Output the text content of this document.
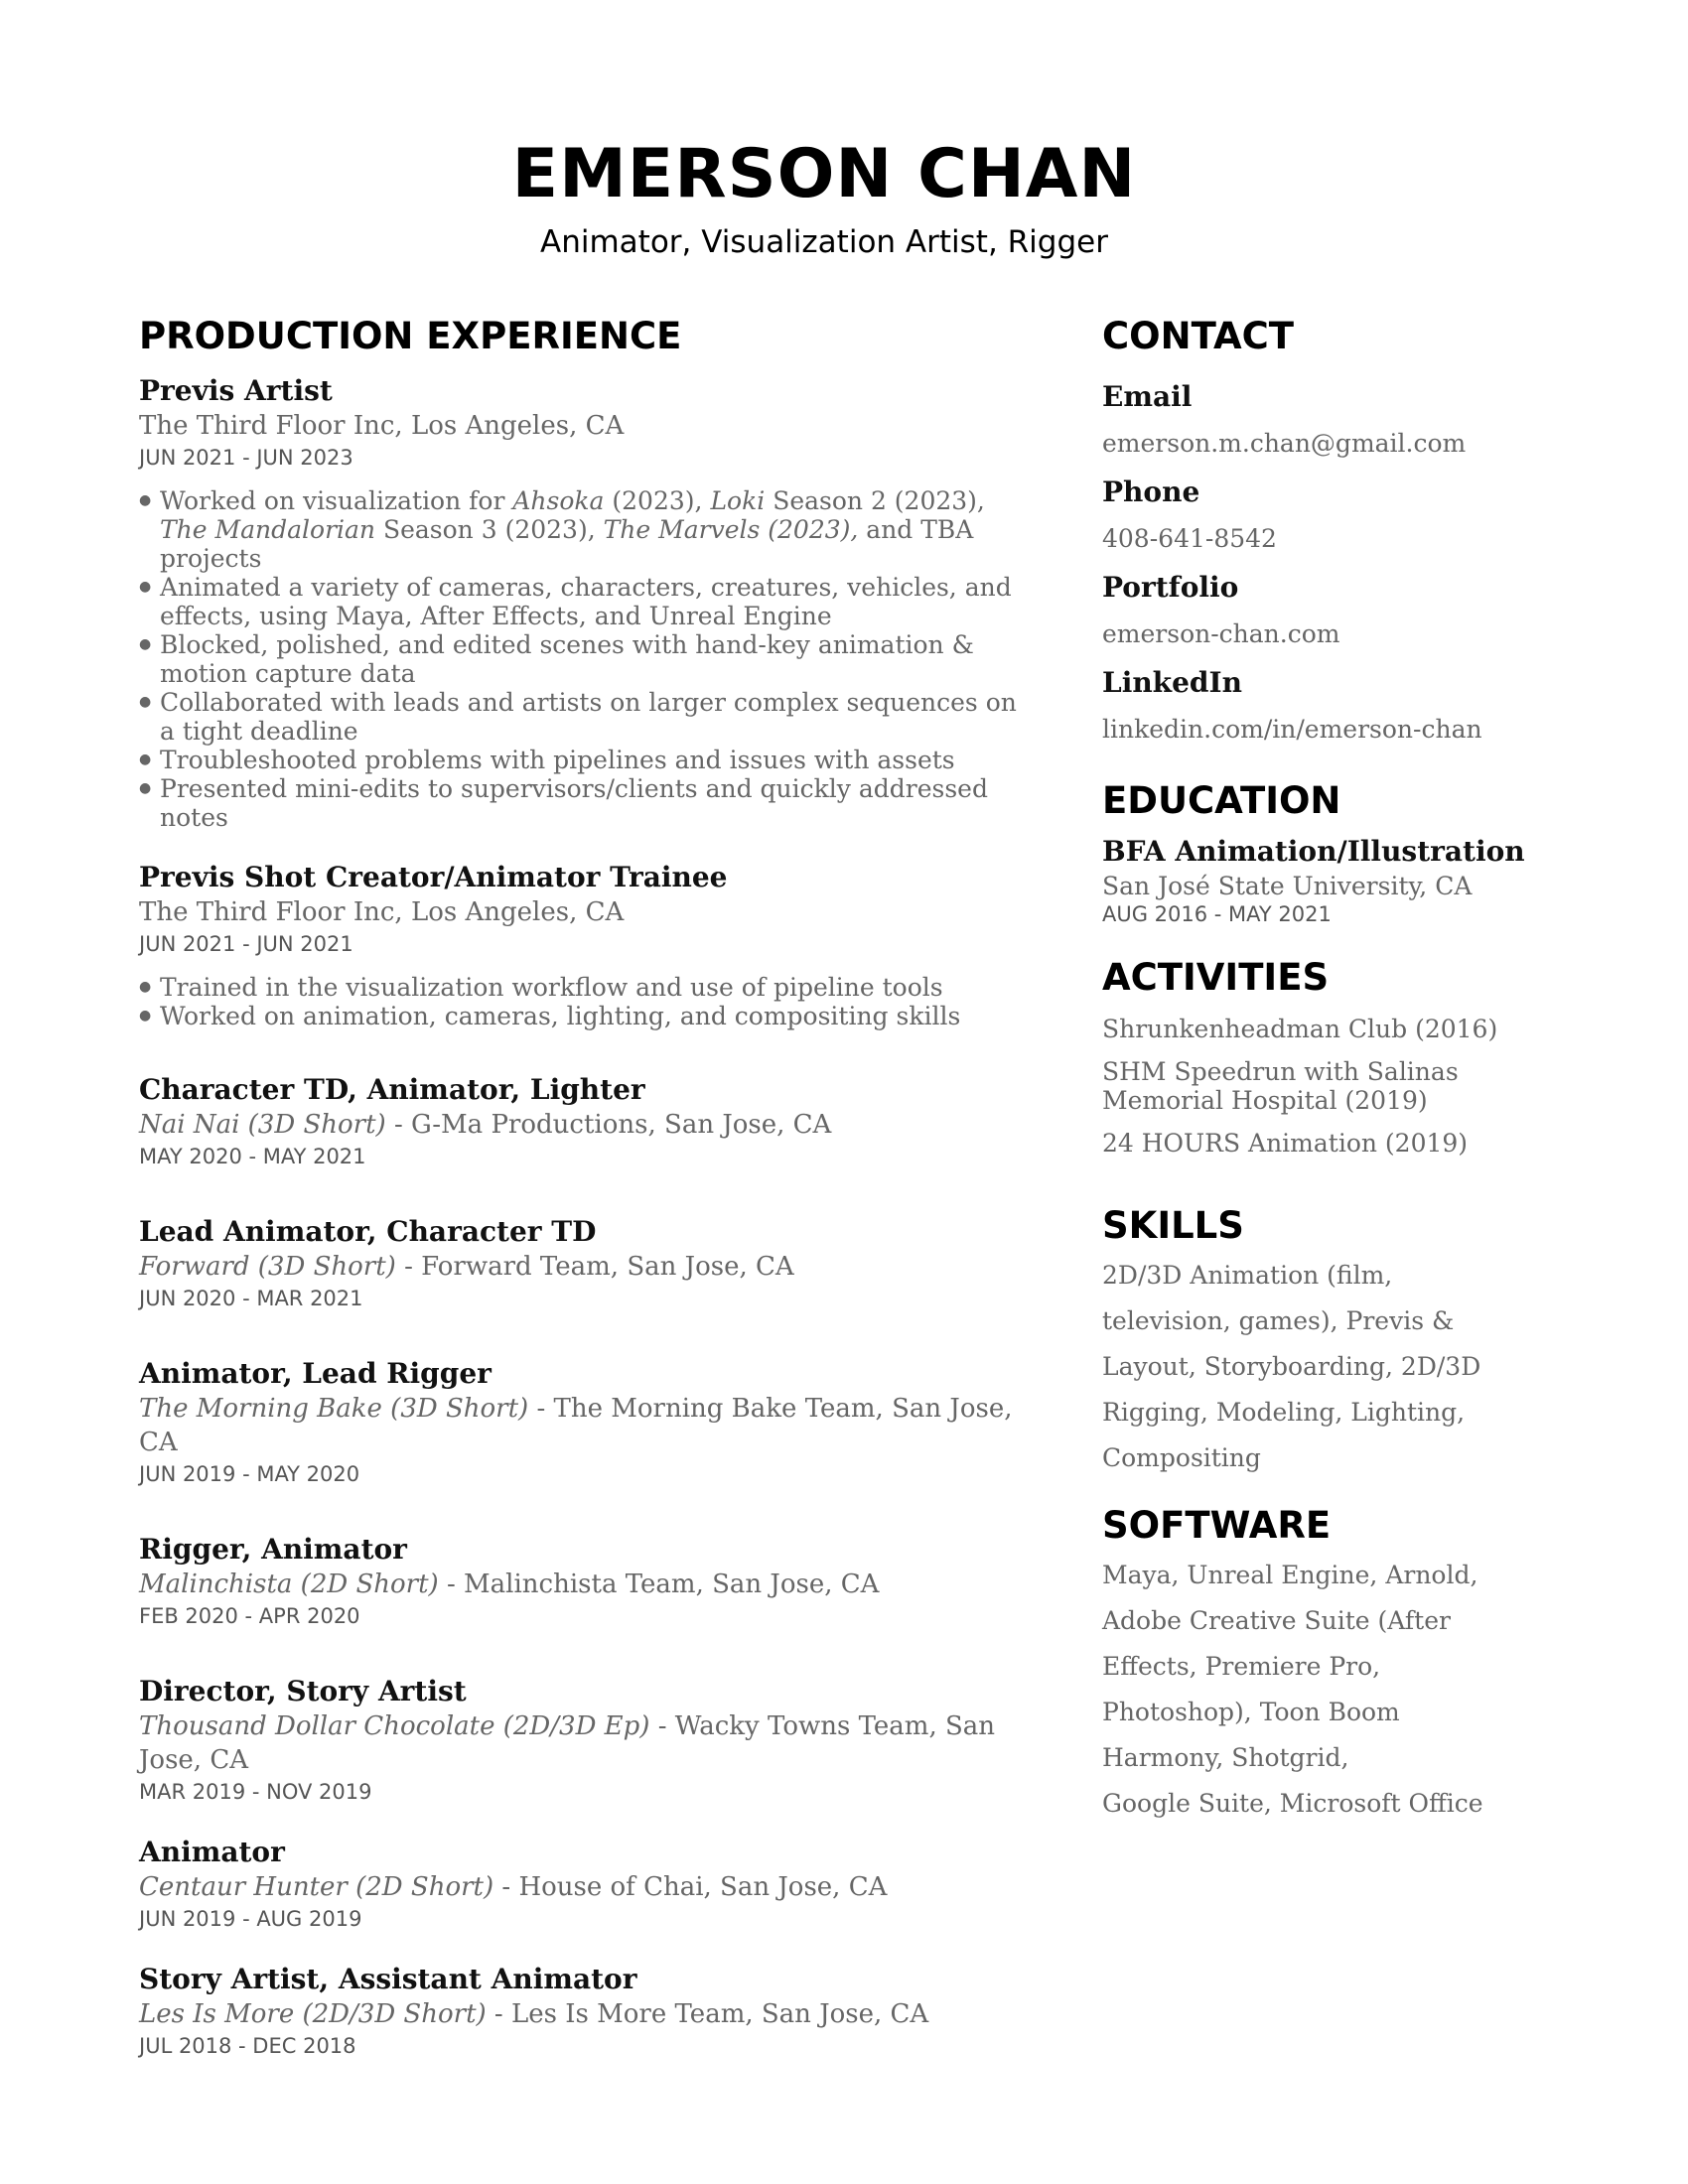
EMERSON CHAN
Animator, Visualization Artist, Rigger
PRODUCTION EXPERIENCE
Previs Artist
The Third Floor Inc, Los Angeles, CA
JUN 2021 - JUN 2023
● Worked on visualization for Ahsoka (2023), Loki Season 2 (2023), The Mandalorian Season 3 (2023), The Marvels (2023), and TBA projects
● Animated a variety of cameras, characters, creatures, vehicles, and effects, using Maya, After Effects, and Unreal Engine
● Blocked, polished, and edited scenes with hand-key animation & motion capture data
● Collaborated with leads and artists on larger complex sequences on a tight deadline
● Troubleshooted problems with pipelines and issues with assets
● Presented mini-edits to supervisors/clients and quickly addressed notes
Previs Shot Creator/Animator Trainee
The Third Floor Inc, Los Angeles, CA
JUN 2021 - JUN 2021
● Trained in the visualization workflow and use of pipeline tools
● Worked on animation, cameras, lighting, and compositing skills
Character TD, Animator, Lighter
Nai Nai (3D Short) - G-Ma Productions, San Jose, CA
MAY 2020 - MAY 2021
Lead Animator, Character TD
Forward (3D Short) - Forward Team, San Jose, CA
JUN 2020 - MAR 2021
Animator, Lead Rigger
The Morning Bake (3D Short) - The Morning Bake Team, San Jose, CA
JUN 2019 - MAY 2020
Rigger, Animator
Malinchista (2D Short) - Malinchista Team, San Jose, CA
FEB 2020 - APR 2020
Director, Story Artist
Thousand Dollar Chocolate (2D/3D Ep) - Wacky Towns Team, San Jose, CA
MAR 2019 - NOV 2019
Animator
Centaur Hunter (2D Short) - House of Chai, San Jose, CA
JUN 2019 - AUG 2019
Story Artist, Assistant Animator
Les Is More (2D/3D Short) - Les Is More Team, San Jose, CA
JUL 2018 - DEC 2018
CONTACT
Email
emerson.m.chan@gmail.com
Phone
408-641-8542
Portfolio
emerson-chan.com
LinkedIn
linkedin.com/in/emerson-chan
EDUCATION
BFA Animation/Illustration
San José State University, CA
AUG 2016 - MAY 2021
ACTIVITIES
Shrunkenheadman Club (2016)
SHM Speedrun with Salinas Memorial Hospital (2019)
24 HOURS Animation (2019)
SKILLS
2D/3D Animation (film,
television, games), Previs &
Layout, Storyboarding, 2D/3D
Rigging, Modeling, Lighting,
Compositing
SOFTWARE
Maya, Unreal Engine, Arnold,
Adobe Creative Suite (After
Effects, Premiere Pro,
Photoshop), Toon Boom
Harmony, Shotgrid,
Google Suite, Microsoft Office
